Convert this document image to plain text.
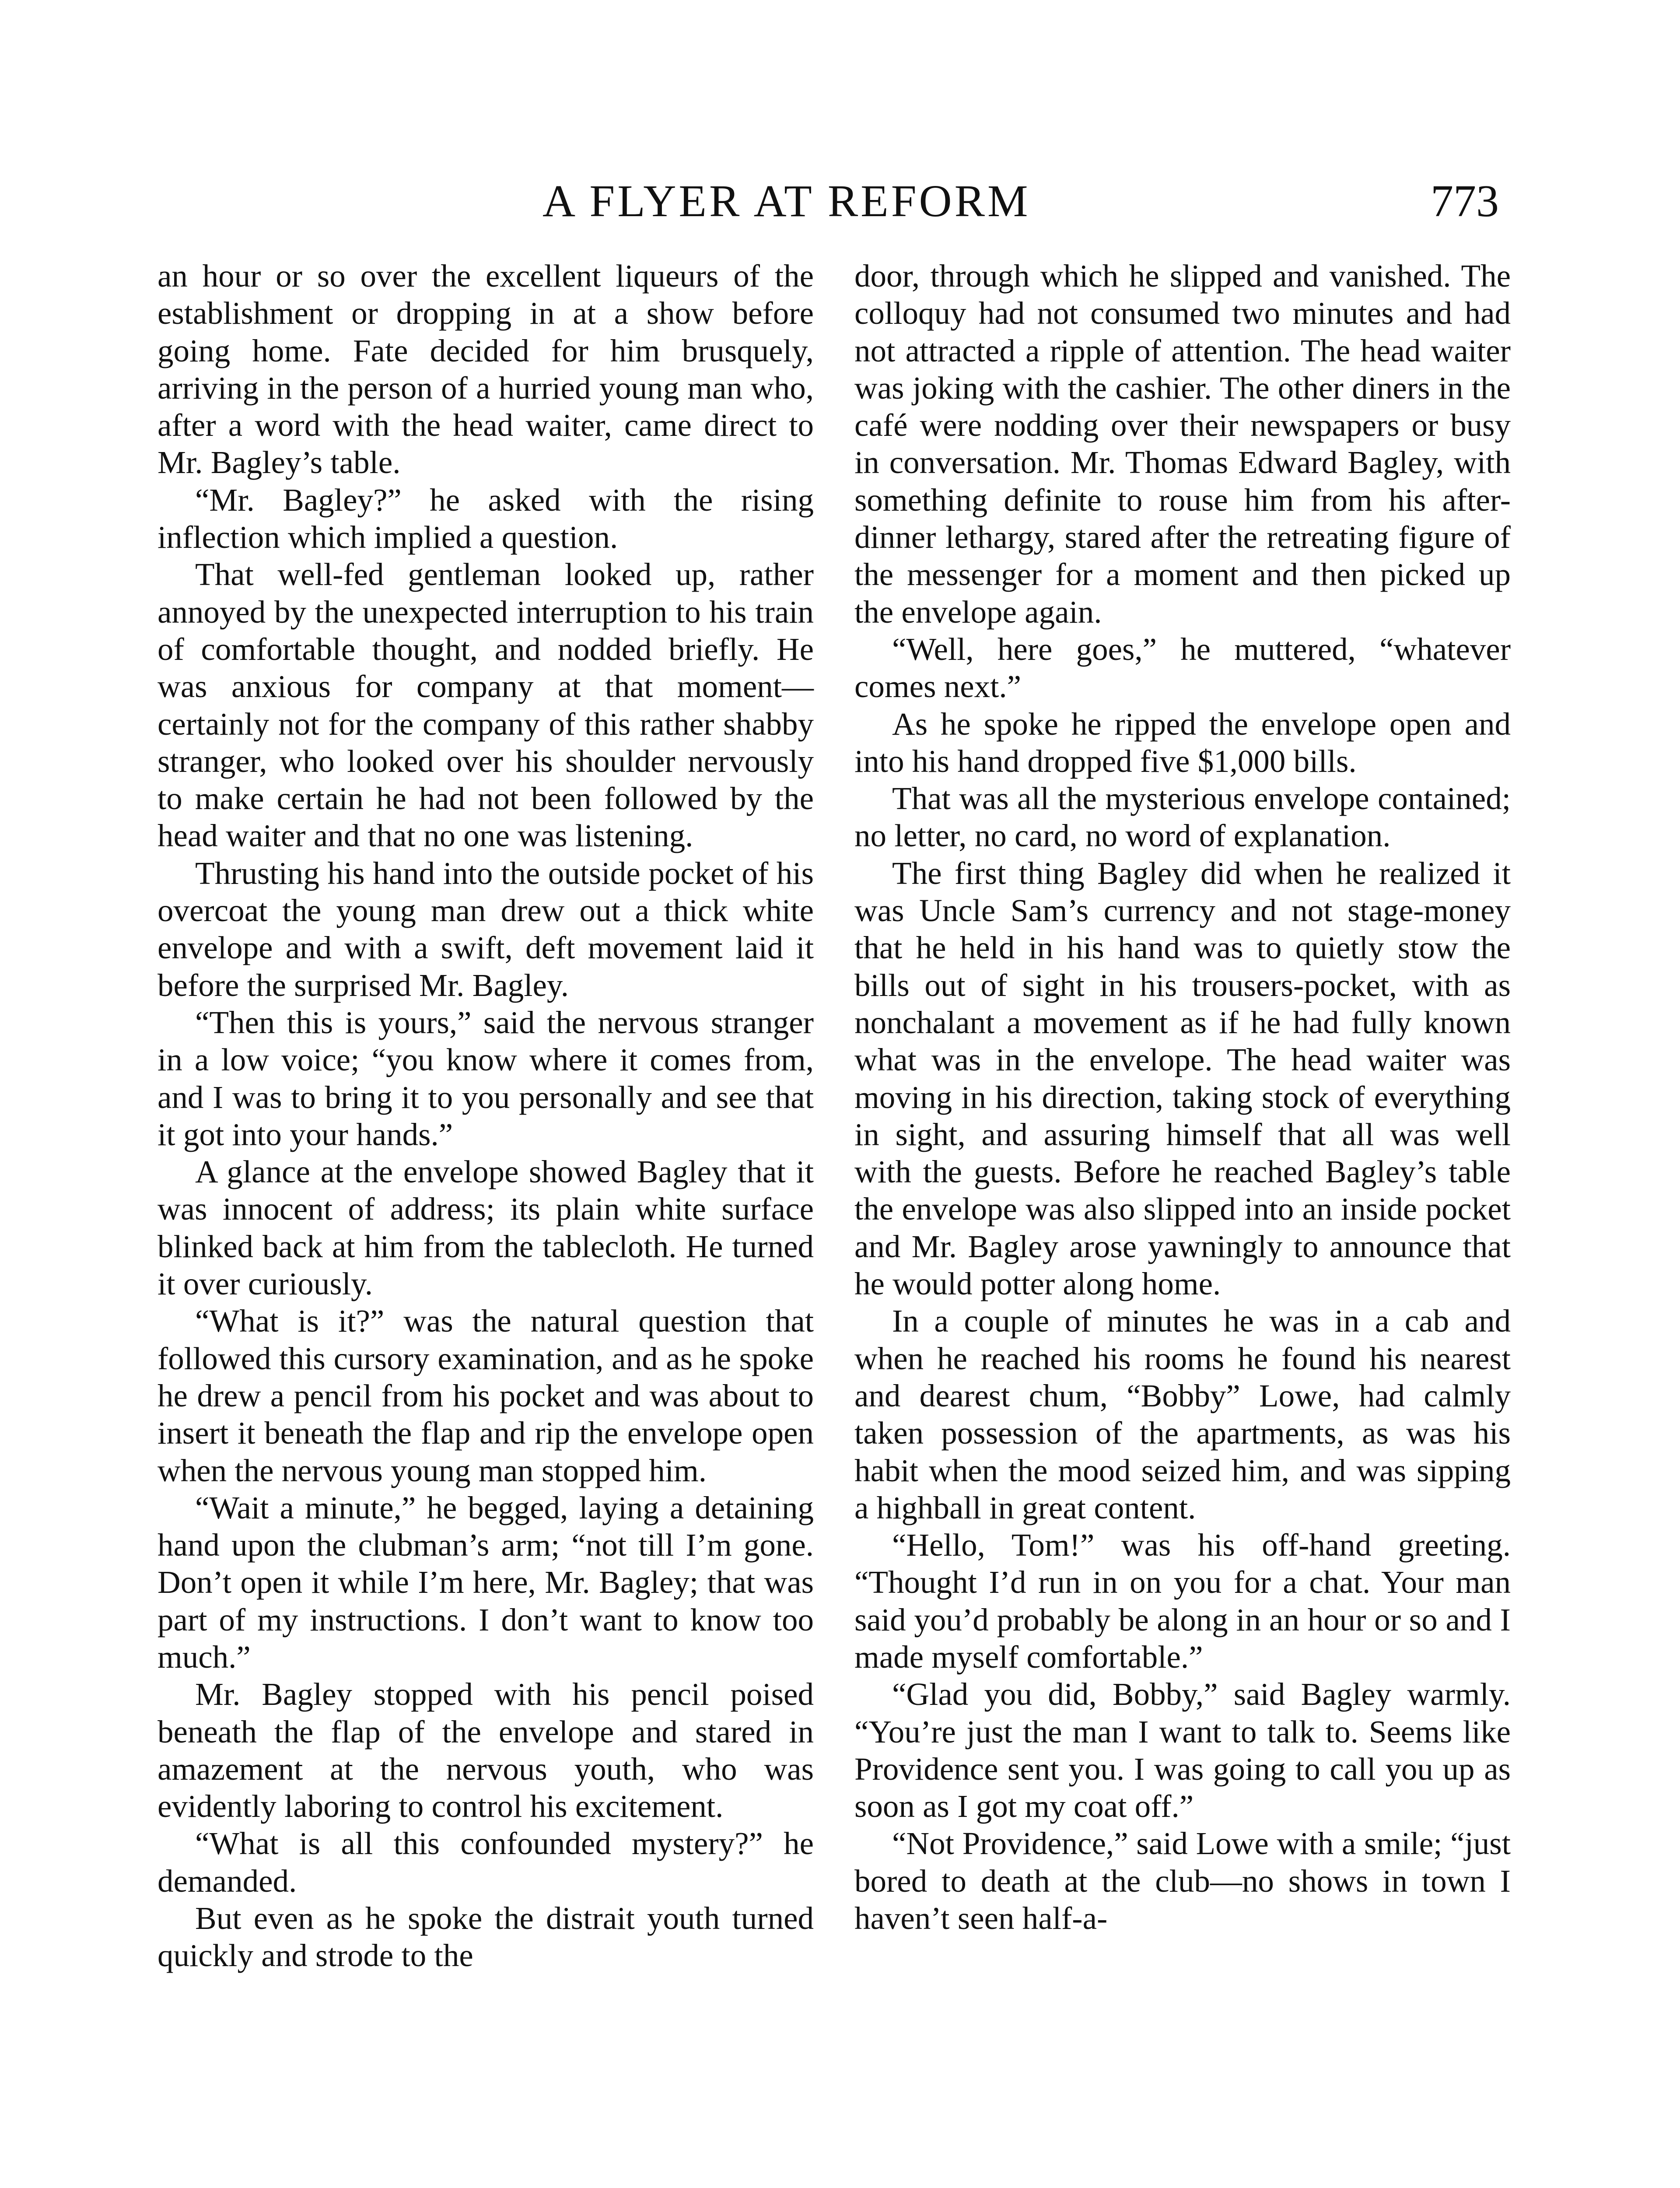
A FLYER AT REFORM	773

an hour or so over the excellent liqueurs of the establishment or dropping in at a show before going home. Fate decided for him brusquely, arriving in the person of a hurried young man who, after a word with the head waiter, came direct to Mr. Bagley’s table.

“Mr. Bagley?” he asked with the rising inflection which implied a question.

That well-fed gentleman looked up, rather annoyed by the unexpected interruption to his train of comfortable thought, and nodded briefly. He was anxious for company at that moment—certainly not for the company of this rather shabby stranger, who looked over his shoulder nervously to make certain he had not been followed by the head waiter and that no one was listening.

Thrusting his hand into the outside pocket of his overcoat the young man drew out a thick white envelope and with a swift, deft movement laid it before the surprised Mr. Bagley.

“Then this is yours,” said the nervous stranger in a low voice; “you know where it comes from, and I was to bring it to you personally and see that it got into your hands.”

A glance at the envelope showed Bagley that it was innocent of address; its plain white surface blinked back at him from the tablecloth. He turned it over curiously.

“What is it?” was the natural question that followed this cursory examination, and as he spoke he drew a pencil from his pocket and was about to insert it beneath the flap and rip the envelope open when the nervous young man stopped him.

“Wait a minute,” he begged, laying a detaining hand upon the clubman’s arm; “not till I’m gone. Don’t open it while I’m here, Mr. Bagley; that was part of my instructions. I don’t want to know too much.”

Mr. Bagley stopped with his pencil poised beneath the flap of the envelope and stared in amazement at the nervous youth, who was evidently laboring to control his excitement.

“What is all this confounded mystery?” he demanded.

But even as he spoke the distrait youth turned quickly and strode to the

door, through which he slipped and vanished. The colloquy had not consumed two minutes and had not attracted a ripple of attention. The head waiter was joking with the cashier. The other diners in the café were nodding over their newspapers or busy in conversation. Mr. Thomas Edward Bagley, with something definite to rouse him from his after-dinner lethargy, stared after the retreating figure of the messenger for a moment and then picked up the envelope again.

“Well, here goes,” he muttered, “whatever comes next.”

As he spoke he ripped the envelope open and into his hand dropped five $1,000 bills.

That was all the mysterious envelope contained; no letter, no card, no word of explanation.

The first thing Bagley did when he realized it was Uncle Sam’s currency and not stage-money that he held in his hand was to quietly stow the bills out of sight in his trousers-pocket, with as nonchalant a movement as if he had fully known what was in the envelope. The head waiter was moving in his direction, taking stock of everything in sight, and assuring himself that all was well with the guests. Before he reached Bagley’s table the envelope was also slipped into an inside pocket and Mr. Bagley arose yawningly to announce that he would potter along home.

In a couple of minutes he was in a cab and when he reached his rooms he found his nearest and dearest chum, “Bobby” Lowe, had calmly taken possession of the apartments, as was his habit when the mood seized him, and was sipping a highball in great content.

“Hello, Tom!” was his off-hand greeting. “Thought I’d run in on you for a chat. Your man said you’d probably be along in an hour or so and I made myself comfortable.”

“Glad you did, Bobby,” said Bagley warmly. “You’re just the man I want to talk to. Seems like Providence sent you. I was going to call you up as soon as I got my coat off.”

“Not Providence,” said Lowe with a smile; “just bored to death at the club—no shows in town I haven’t seen half-a-
